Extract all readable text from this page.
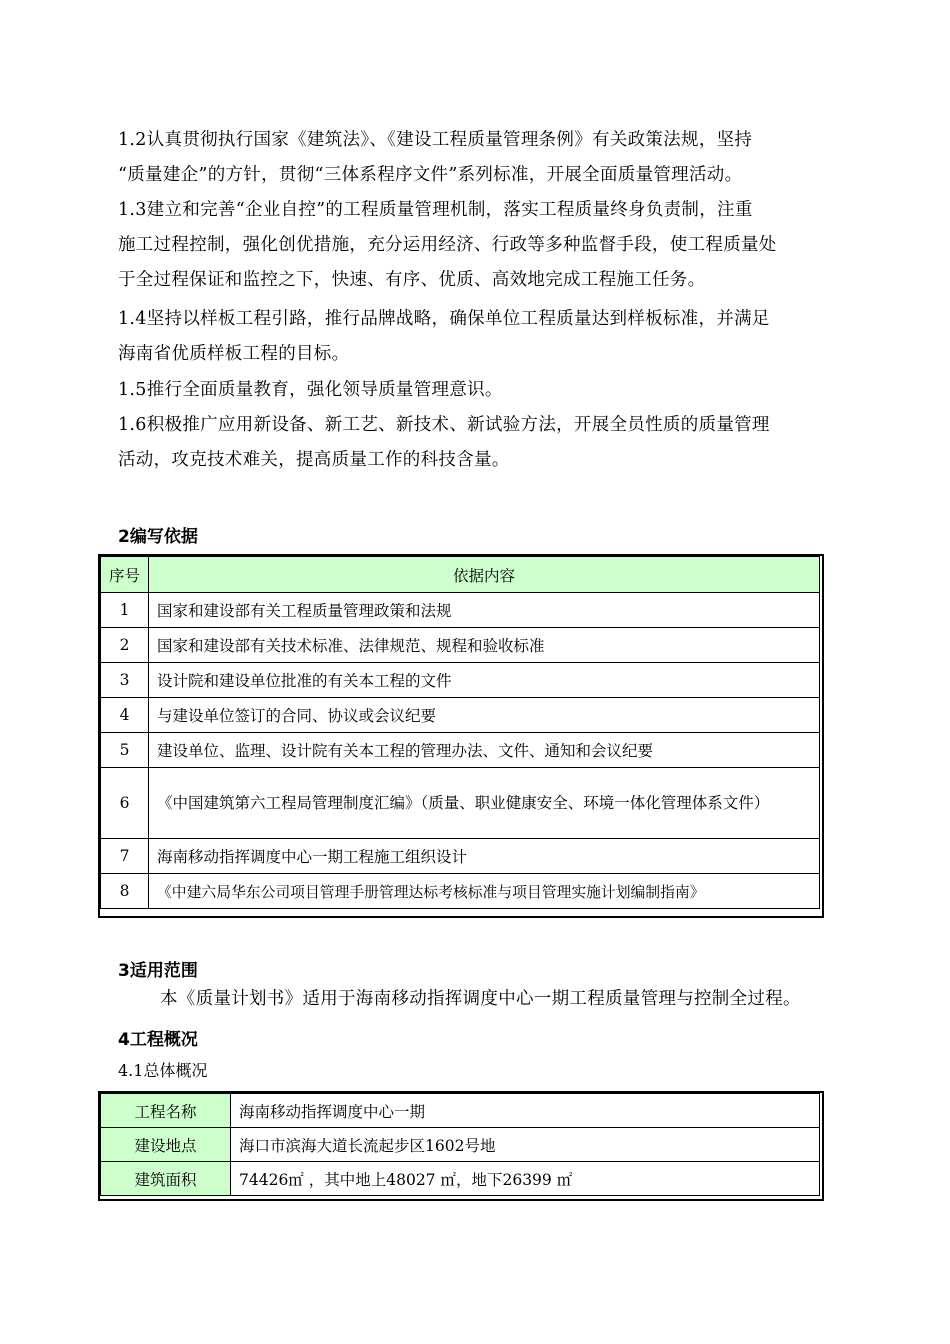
1.2认真贯彻执行国家《建筑法》、《建设工程质量管理条例》有关政策法规，坚持
“质量建企”的方针，贯彻“三体系程序文件”系列标准，开展全面质量管理活动。
1.3建立和完善“企业自控”的工程质量管理机制，落实工程质量终身负责制，注重
施工过程控制，强化创优措施，充分运用经济、行政等多种监督手段，使工程质量处
于全过程保证和监控之下，快速、有序、优质、高效地完成工程施工任务。
1.4坚持以样板工程引路，推行品牌战略，确保单位工程质量达到样板标准，并满足
海南省优质样板工程的目标。
1.5推行全面质量教育，强化领导质量管理意识。
1.6积极推广应用新设备、新工艺、新技术、新试验方法，开展全员性质的质量管理
活动，攻克技术难关，提高质量工作的科技含量。
2编写依据
序号	依据内容
1	国家和建设部有关工程质量管理政策和法规
2	国家和建设部有关技术标准、法律规范、规程和验收标准
3	设计院和建设单位批准的有关本工程的文件
4	与建设单位签订的合同、协议或会议纪要
5	建设单位、监理、设计院有关本工程的管理办法、文件、通知和会议纪要
6	《中国建筑第六工程局管理制度汇编》（质量、职业健康安全、环境一体化管理体系文件）
7	海南移动指挥调度中心一期工程施工组织设计
8	《中建六局华东公司项目管理手册管理达标考核标准与项目管理实施计划编制指南》
3适用范围
本《质量计划书》适用于海南移动指挥调度中心一期工程质量管理与控制全过程。
4工程概况
4.1总体概况
工程名称	海南移动指挥调度中心一期
建设地点	海口市滨海大道长流起步区1602号地
建筑面积	74426㎡ ，其中地上48027 ㎡，地下26399 ㎡
